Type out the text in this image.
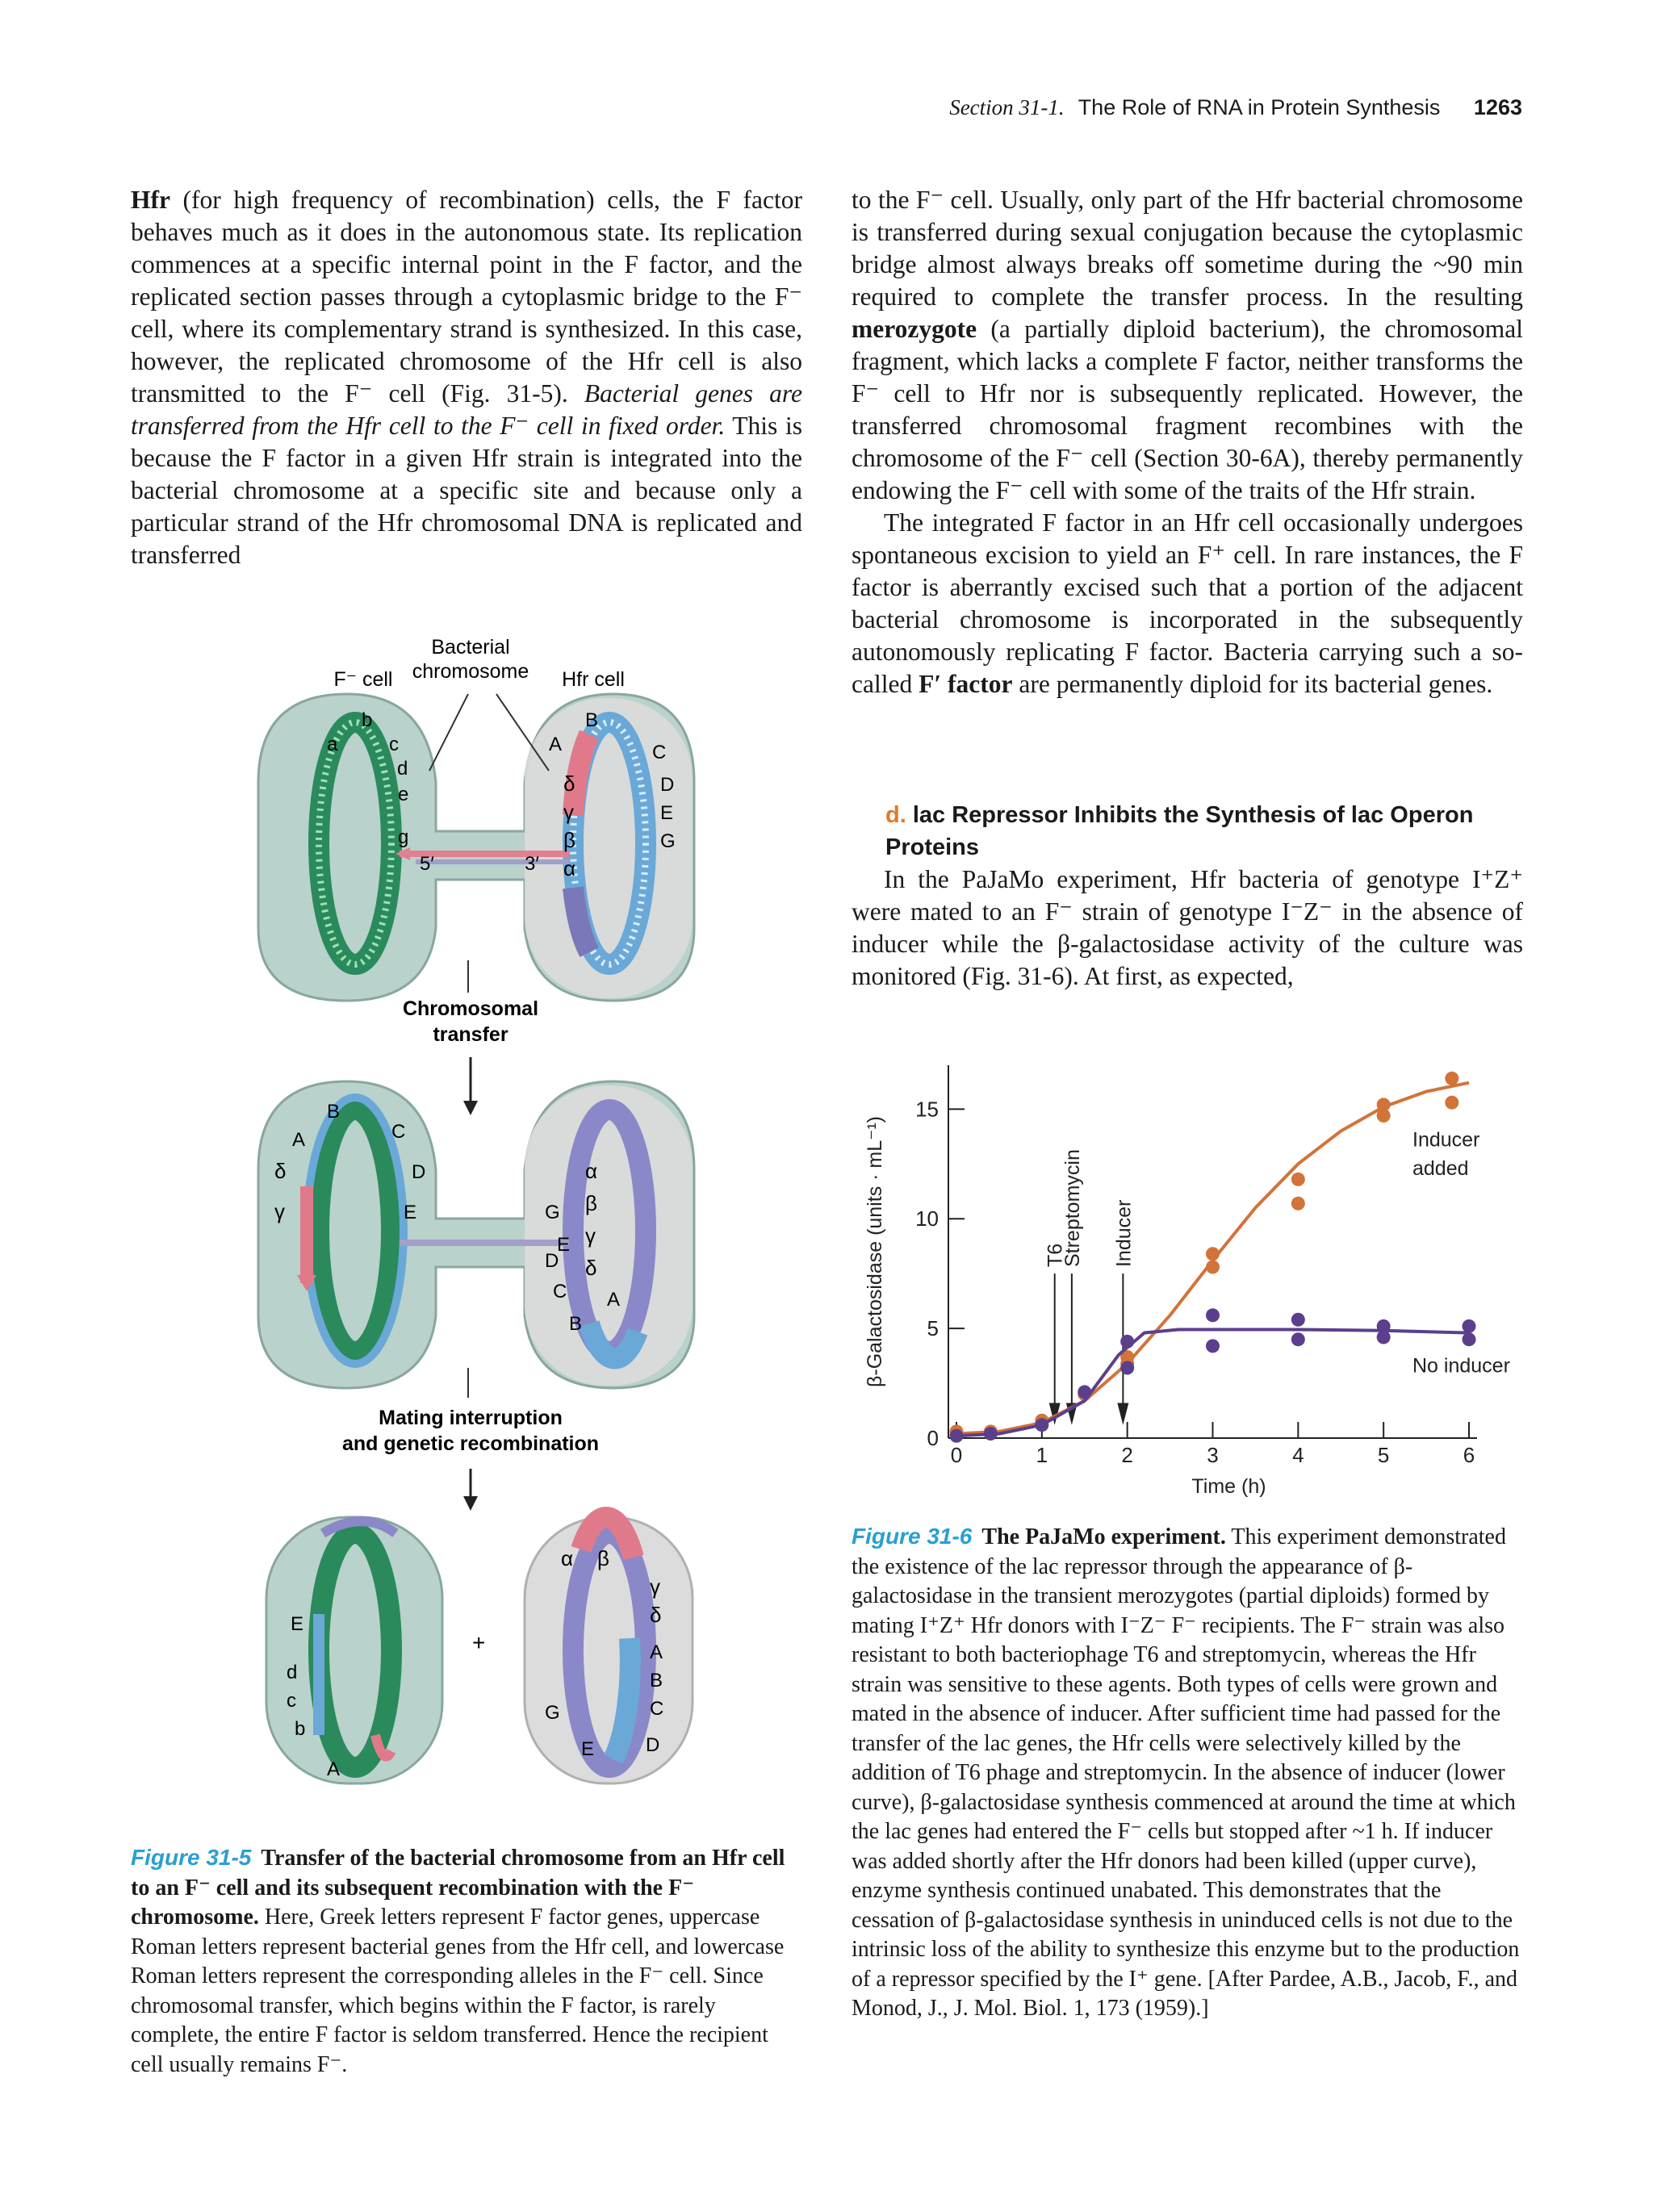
Section 31-1. The Role of RNA in Protein Synthesis 1263

Hfr (for high frequency of recombination) cells, the F factor behaves much as it does in the autonomous state. Its replication commences at a specific internal point in the F factor, and the replicated section passes through a cytoplasmic bridge to the F⁻ cell, where its complementary strand is synthesized. In this case, however, the replicated chromosome of the Hfr cell is also transmitted to the F⁻ cell (Fig. 31-5). Bacterial genes are transferred from the Hfr cell to the F⁻ cell in fixed order. This is because the F factor in a given Hfr strain is integrated into the bacterial chromosome at a specific site and because only a particular strand of the Hfr chromosomal DNA is replicated and transferred

to the F⁻ cell. Usually, only part of the Hfr bacterial chromosome is transferred during sexual conjugation because the cytoplasmic bridge almost always breaks off sometime during the ~90 min required to complete the transfer process. In the resulting merozygote (a partially diploid bacterium), the chromosomal fragment, which lacks a complete F factor, neither transforms the F⁻ cell to Hfr nor is subsequently replicated. However, the transferred chromosomal fragment recombines with the chromosome of the F⁻ cell (Section 30-6A), thereby permanently endowing the F⁻ cell with some of the traits of the Hfr strain.

The integrated F factor in an Hfr cell occasionally undergoes spontaneous excision to yield an F⁺ cell. In rare instances, the F factor is aberrantly excised such that a portion of the adjacent bacterial chromosome is incorporated in the subsequently autonomously replicating F factor. Bacteria carrying such a so-called F′ factor are permanently diploid for its bacterial genes.

d. lac Repressor Inhibits the Synthesis of lac Operon Proteins

In the PaJaMo experiment, Hfr bacteria of genotype I⁺Z⁺ were mated to an F⁻ strain of genotype I⁻Z⁻ in the absence of inducer while the β-galactosidase activity of the culture was monitored (Fig. 31-6). At first, as expected,

Bacterial
chromosome
F⁻ cell	Hfr cell
a
b
c
d
e
g
5′	3′
A
B
C
D
E
G
δ
γ
β
α
Chromosomal
transfer
B
A	C
D
E
δ
γ
α
β
γ
δ
G
E
D
C
B
A
Mating interruption
and genetic recombination
E
d
c
b
A
+
α β
γ
δ
A
B
C
D
G
E
Figure 31-5 Transfer of the bacterial chromosome from an Hfr cell to an F⁻ cell and its subsequent recombination with the F⁻ chromosome. Here, Greek letters represent F factor genes, uppercase Roman letters represent bacterial genes from the Hfr cell, and lowercase Roman letters represent the corresponding alleles in the F⁻ cell. Since chromosomal transfer, which begins within the F factor, is rarely complete, the entire F factor is seldom transferred. Hence the recipient cell usually remains F⁻.
0
5
10
15
0	1	2	3	4	5	6
Time (h)
β-Galactosidase (units · mL⁻¹)	T6
Streptomycin Inducer
Inducer
added
No inducer
Figure 31-6 The PaJaMo experiment. This experiment demonstrated the existence of the lac repressor through the appearance of β-galactosidase in the transient merozygotes (partial diploids) formed by mating I⁺Z⁺ Hfr donors with I⁻Z⁻ F⁻ recipients. The F⁻ strain was also resistant to both bacteriophage T6 and streptomycin, whereas the Hfr strain was sensitive to these agents. Both types of cells were grown and mated in the absence of inducer. After sufficient time had passed for the transfer of the lac genes, the Hfr cells were selectively killed by the addition of T6 phage and streptomycin. In the absence of inducer (lower curve), β-galactosidase synthesis commenced at around the time at which the lac genes had entered the F⁻ cells but stopped after ~1 h. If inducer was added shortly after the Hfr donors had been killed (upper curve), enzyme synthesis continued unabated. This demonstrates that the cessation of β-galactosidase synthesis in uninduced cells is not due to the intrinsic loss of the ability to synthesize this enzyme but to the production of a repressor specified by the I⁺ gene. [After Pardee, A.B., Jacob, F., and Monod, J., J. Mol. Biol. 1, 173 (1959).]
